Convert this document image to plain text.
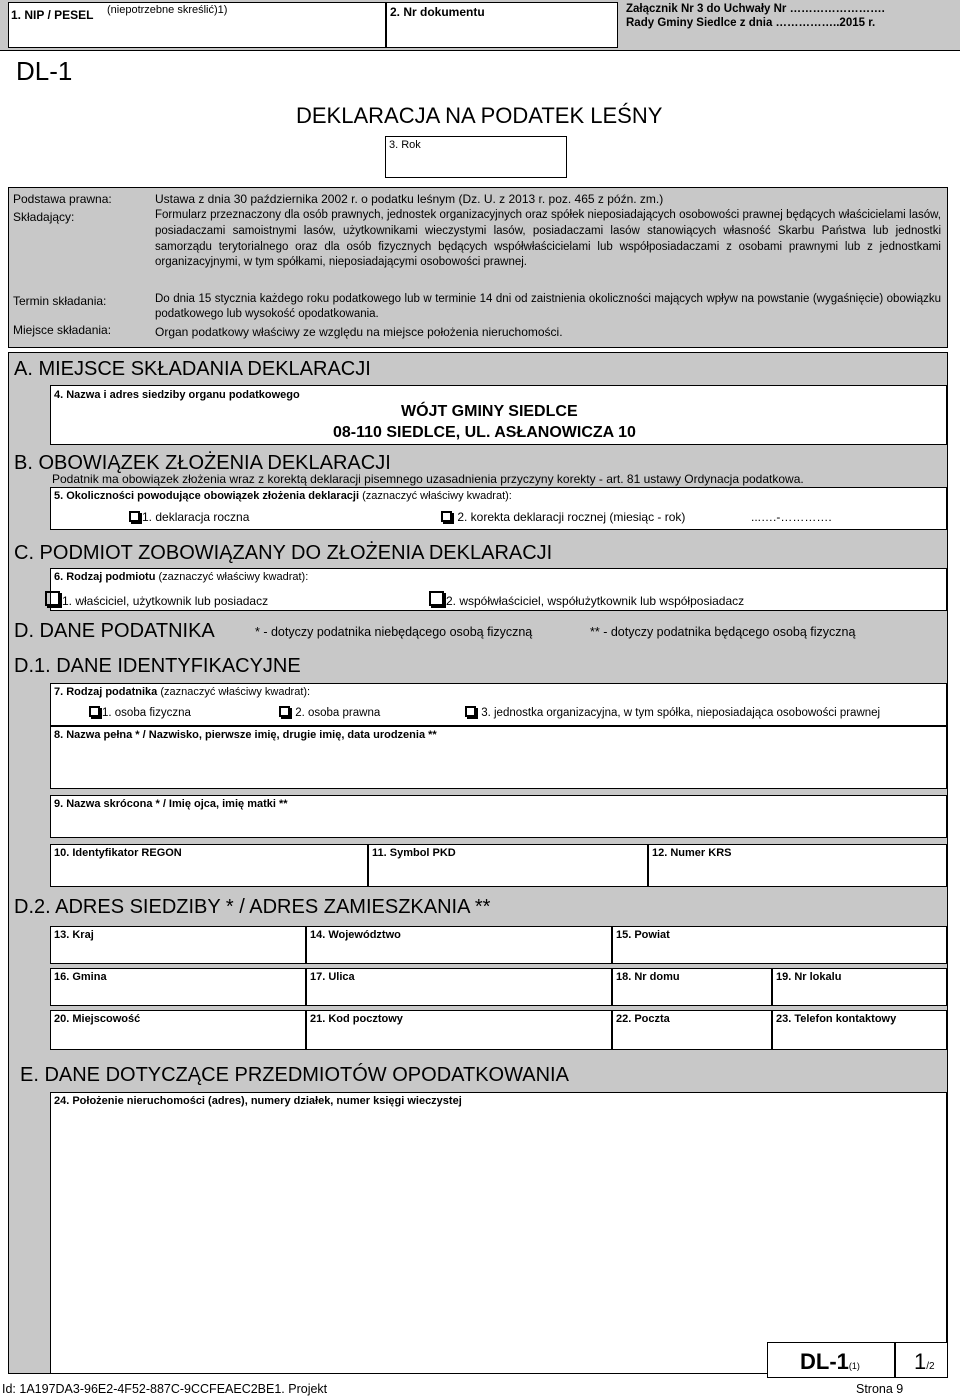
1. NIP / PESEL (niepotrzebne skreślić)1)	2. Nr dokumentu	Załącznik Nr 3 do Uchwały Nr …………………….
Rady Gminy Siedlce z dnia ……………..2015 r.
DL-1
DEKLARACJA NA PODATEK LEŚNY
3. Rok
Podstawa prawna:	Ustawa z dnia 30 października 2002 r. o podatku leśnym (Dz. U. z 2013 r. poz. 465 z późn. zm.)
Składający:	Formularz przeznaczony dla osób prawnych, jednostek organizacyjnych oraz spółek nieposiadających osobowości prawnej będących właścicielami lasów, posiadaczami samoistnymi lasów, użytkownikami wieczystymi lasów, posiadaczami lasów stanowiących własność Skarbu Państwa lub jednostki samorządu terytorialnego oraz dla osób fizycznych będących współwłaścicielami lub współposiadaczami z osobami prawnymi lub z jednostkami organizacyjnymi, w tym spółkami, nieposiadającymi osobowości prawnej.
Termin składania:	Do dnia 15 stycznia każdego roku podatkowego lub w terminie 14 dni od zaistnienia okoliczności mających wpływ na powstanie (wygaśnięcie) obowiązku podatkowego lub wysokość opodatkowania.
Miejsce składania:	Organ podatkowy właściwy ze względu na miejsce położenia nieruchomości.
A. MIEJSCE SKŁADANIA DEKLARACJI
4. Nazwa i adres siedziby organu podatkowego
WÓJT GMINY SIEDLCE
08-110 SIEDLCE, UL. ASŁANOWICZA 10
B. OBOWIĄZEK ZŁOŻENIA DEKLARACJI
Podatnik ma obowiązek złożenia wraz z korektą deklaracji pisemnego uzasadnienia przyczyny korekty - art. 81 ustawy Ordynacja podatkowa.
5. Okoliczności powodujące obowiązek złożenia deklaracji (zaznaczyć właściwy kwadrat):
1. deklaracja roczna	2. korekta deklaracji rocznej (miesiąc - rok)	...….-………….
C. PODMIOT ZOBOWIĄZANY DO ZŁOŻENIA DEKLARACJI
6. Rodzaj podmiotu (zaznaczyć właściwy kwadrat):
1. właściciel, użytkownik lub posiadacz	2. współwłaściciel, współużytkownik lub współposiadacz
D. DANE PODATNIKA	* - dotyczy podatnika niebędącego osobą fizyczną	** - dotyczy podatnika będącego osobą fizyczną
D.1. DANE IDENTYFIKACYJNE
7. Rodzaj podatnika (zaznaczyć właściwy kwadrat):
1. osoba fizyczna	2. osoba prawna	3. jednostka organizacyjna, w tym spółka, nieposiadająca osobowości prawnej
8. Nazwa pełna * / Nazwisko, pierwsze imię, drugie imię, data urodzenia **
9. Nazwa skrócona * / Imię ojca, imię matki **
10. Identyfikator REGON	11. Symbol PKD	12. Numer KRS
D.2. ADRES SIEDZIBY * / ADRES ZAMIESZKANIA **
13. Kraj	14. Województwo	15. Powiat
16. Gmina	17. Ulica	18. Nr domu	19. Nr lokalu
20. Miejscowość	21. Kod pocztowy	22. Poczta	23. Telefon kontaktowy
E. DANE DOTYCZĄCE PRZEDMIOTÓW OPODATKOWANIA
24. Położenie nieruchomości (adres), numery działek, numer księgi wieczystej
DL-1(1) 1/2
Id: 1A197DA3-96E2-4F52-887C-9CCFEAEC2BE1. Projekt	Strona 9
